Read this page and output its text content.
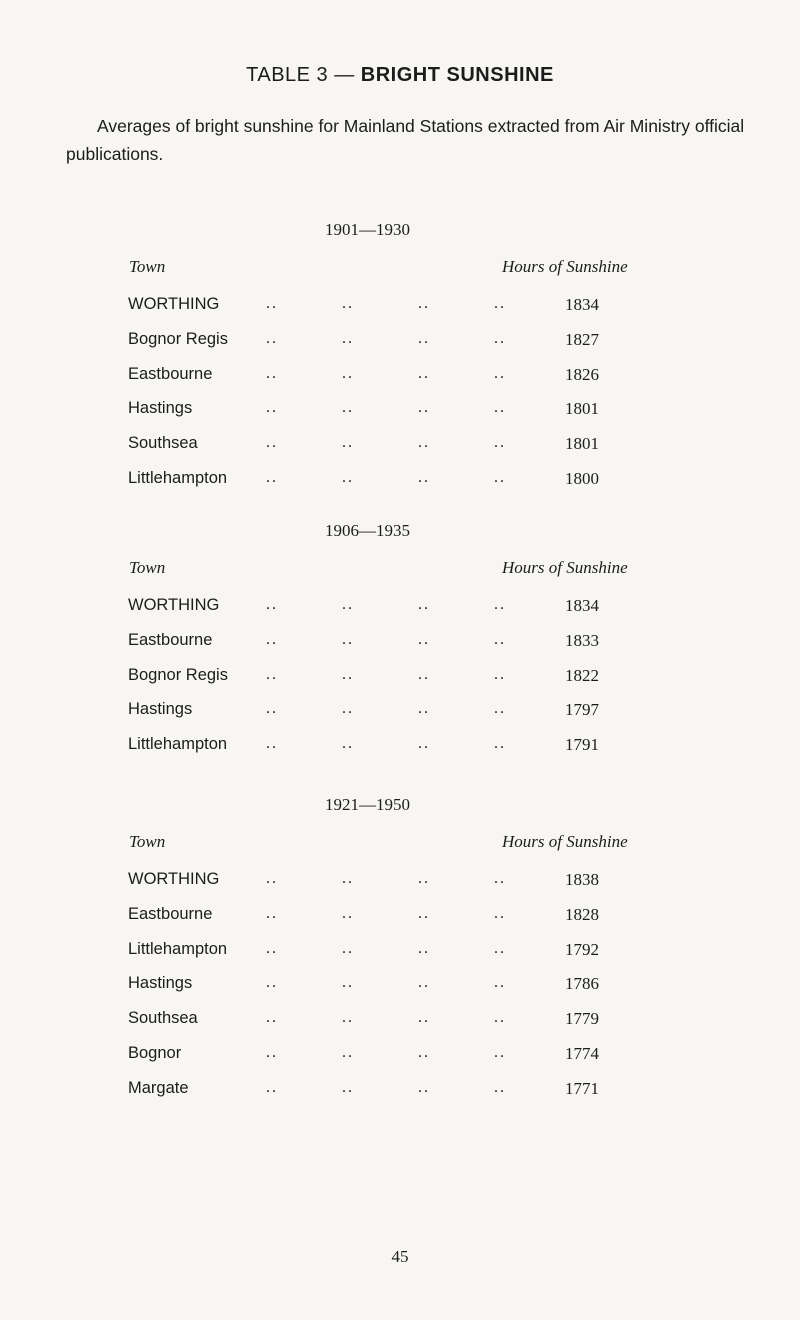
TABLE 3 — BRIGHT SUNSHINE
Averages of bright sunshine for Mainland Stations extracted from Air Ministry official publications.
1901—1930
Town	Hours of Sunshine
WORTHING	..	..	..	..	1834
Bognor Regis ..	..	..	..	1827
Eastbourne	..	..	..	..	1826
Hastings	..	..	..	..	1801
Southsea	..	..	..	..	1801
Littlehampton ..	..	..	..	1800
1906—1935
Town	Hours of Sunshine
WORTHING	..	..	..	..	1834
Eastbourne	..	..	..	..	1833
Bognor Regis ..	..	..	..	1822
Hastings	..	..	..	..	1797
Littlehampton ..	..	..	..	1791
1921—1950
Town	Hours of Sunshine
WORTHING	..	..	..	..	1838
Eastbourne	..	..	..	..	1828
Littlehampton ..	..	..	..	1792
Hastings	..	..	..	..	1786
Southsea	..	..	..	..	1779
Bognor	..	..	..	..	1774
Margate	..	..	..	..	1771
45
